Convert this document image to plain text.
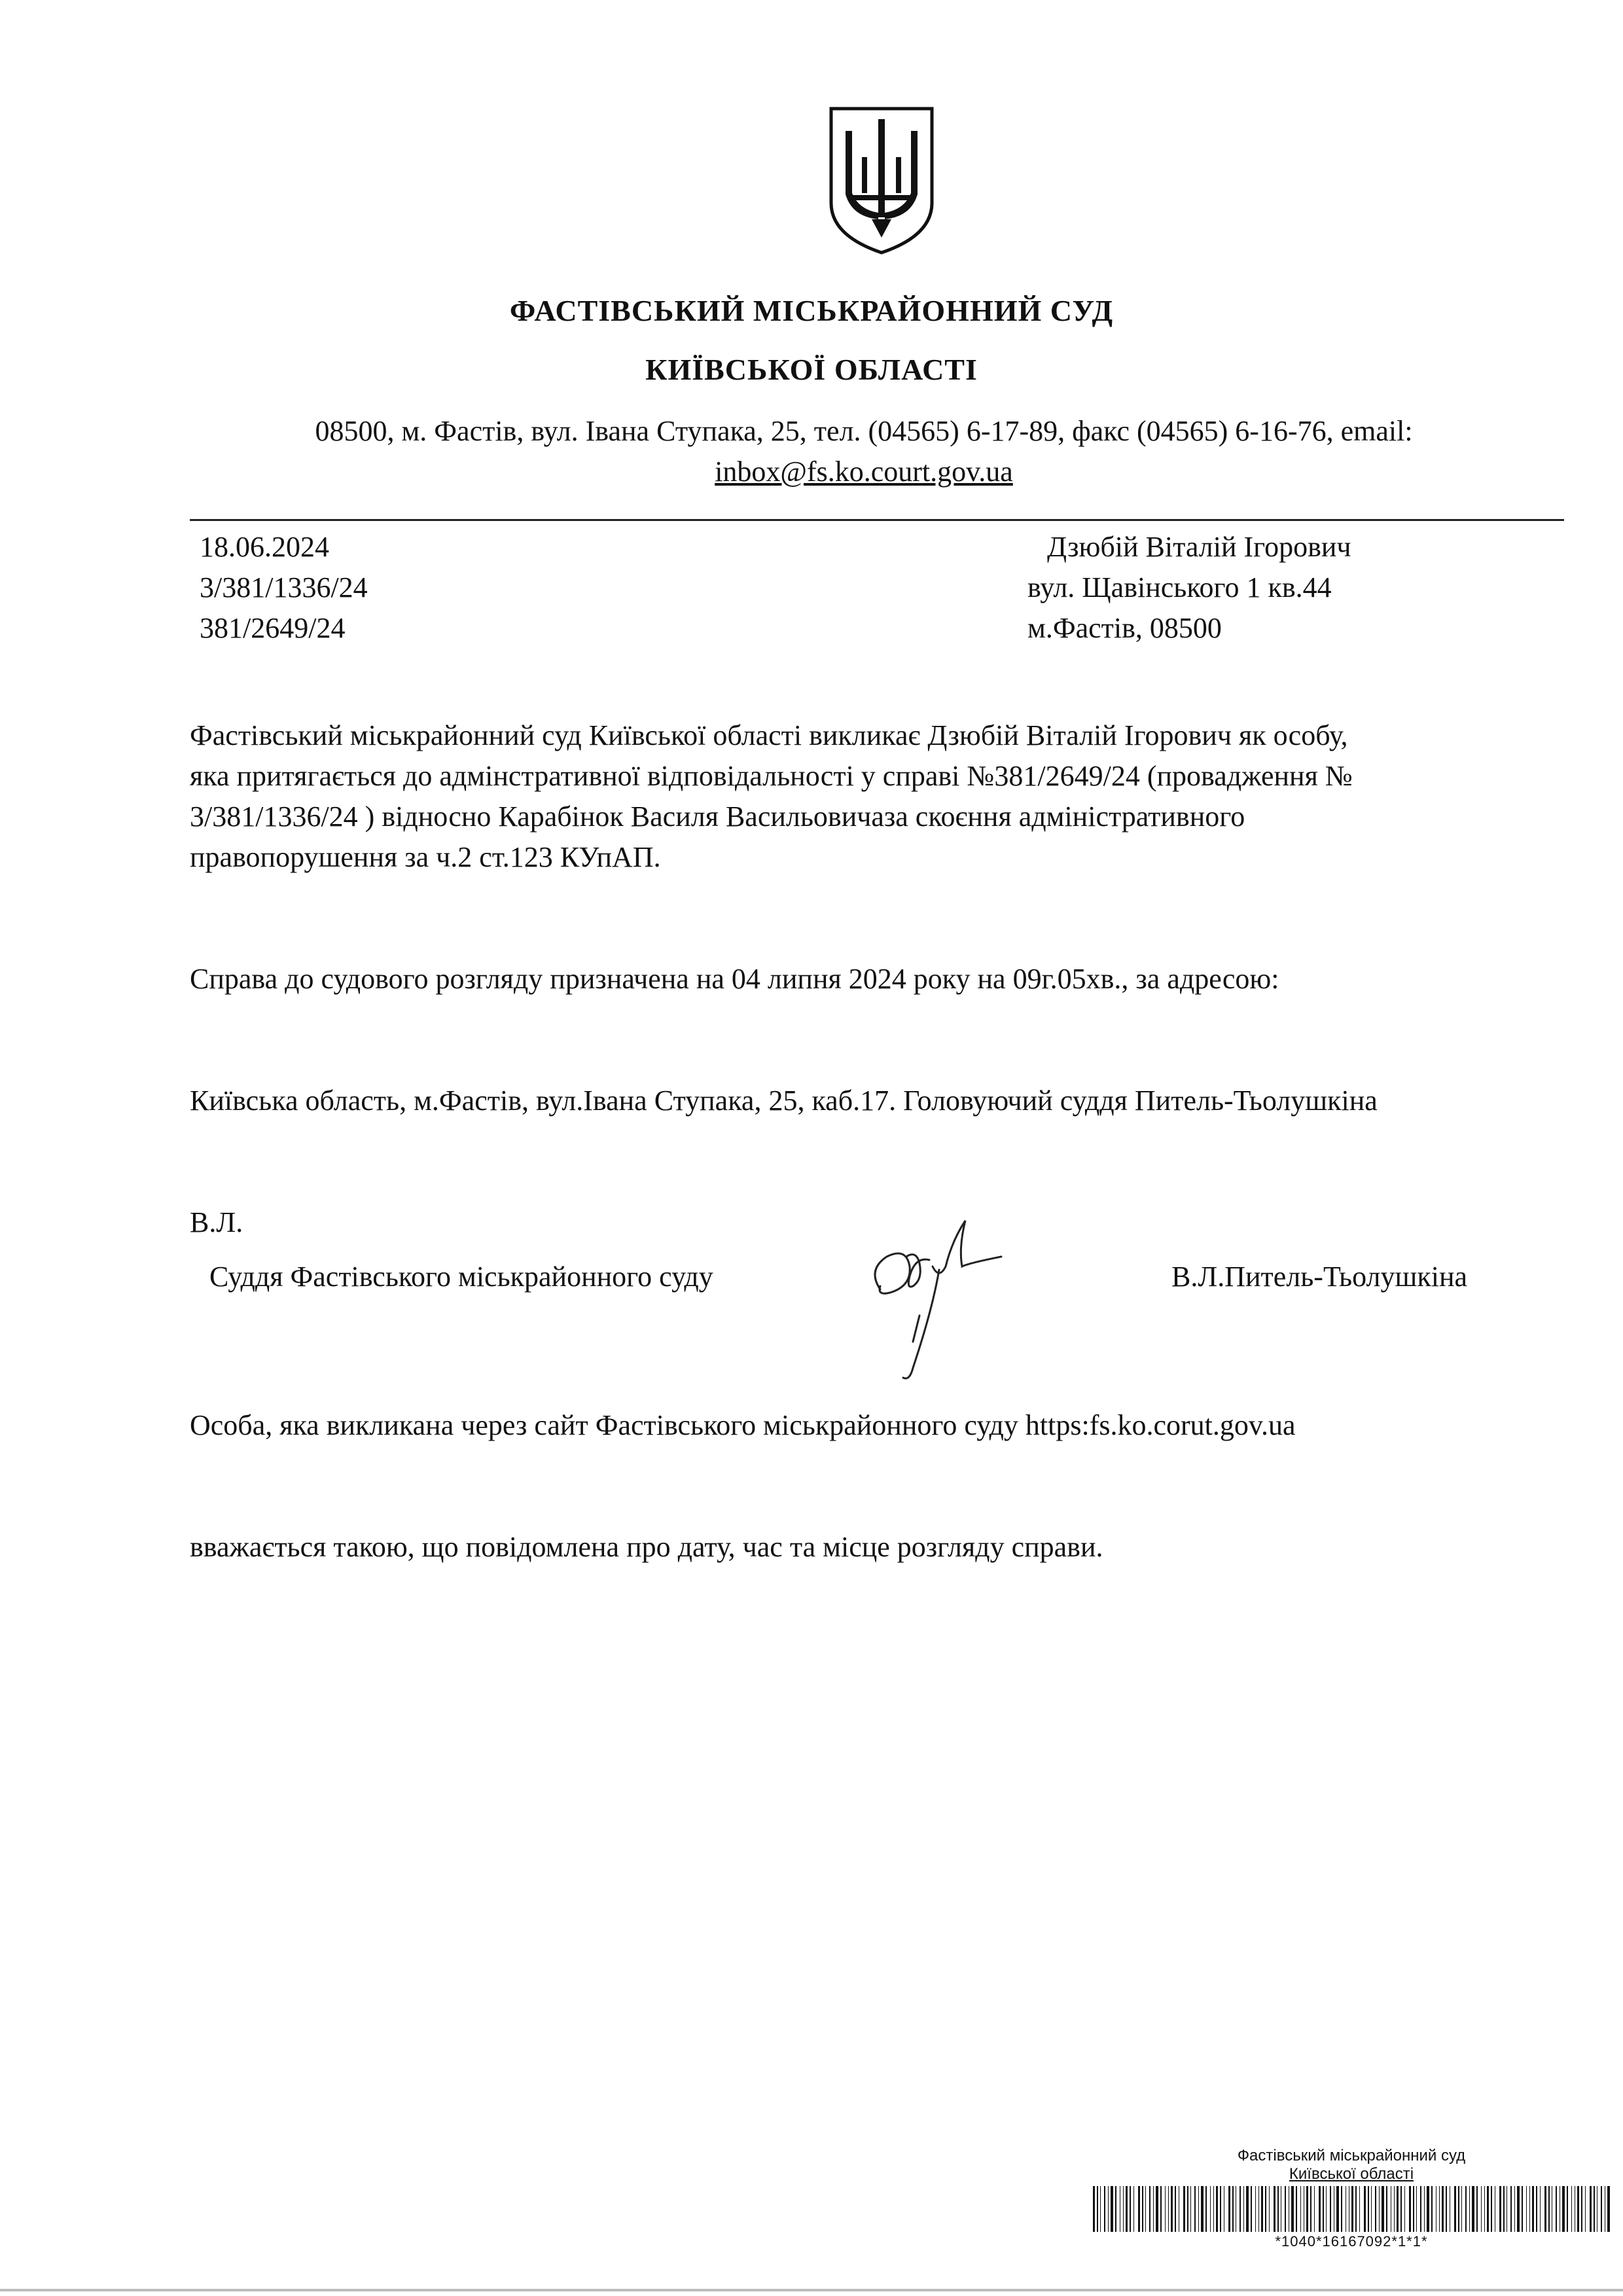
ФАСТІВСЬКИЙ МІСЬКРАЙОННИЙ СУД
КИЇВСЬКОЇ ОБЛАСТІ
08500, м. Фастів, вул. Івана Ступака, 25, тел. (04565) 6-17-89, факс (04565) 6-16-76, email:
inbox@fs.ko.court.gov.ua
18.06.2024
3/381/1336/24
381/2649/24
Дзюбій Віталій Ігорович
вул. Щавінського 1 кв.44
м.Фастів, 08500

Фастівський міськрайонний суд Київської області викликає Дзюбій Віталій Ігорович як особу,
яка притягається до адмінстративної відповідальності у справі №381/2649/24 (провадження №
3/381/1336/24 ) відносно Карабінок Василя Васильовичаза скоєння адміністративного
правопорушення за ч.2 ст.123 КУпАП.

Справа до судового розгляду призначена на 04 липня 2024 року на 09г.05хв., за адресою:

Київська область, м.Фастів, вул.Івана Ступака, 25, каб.17. Головуючий суддя Питель-Тьолушкіна

В.Л.

Особа, яка викликана через сайт Фастівського міськрайонного суду https:fs.ko.corut.gov.ua

вважається такою, що повідомлена про дату, час та місце розгляду справи.

Суддя Фастівського міськрайонного суду	В.Л.Питель-Тьолушкіна
Фастівський міськрайонний суд
Київської області
*1040*16167092*1*1*
